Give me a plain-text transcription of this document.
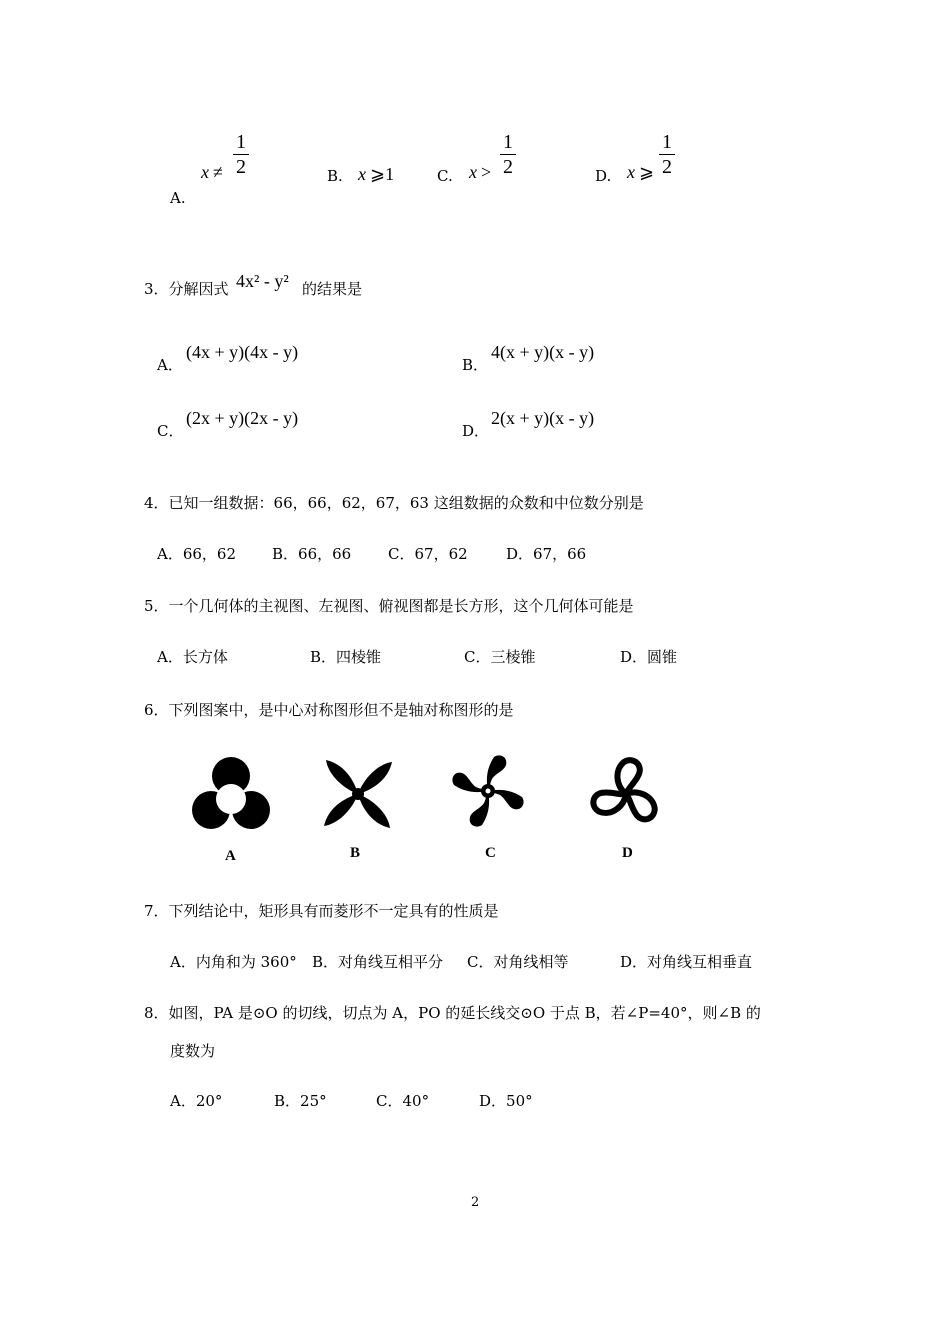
A.
x ≠
1
2	B. x ⩾1	C. x >
1
2	D. x ⩾
1
2
3．分解因式 4x² - y² 的结果是
A．
(4x + y)(4x - y)
B．
4(x + y)(x - y)
C．
(2x + y)(2x - y)
D．
2(x + y)(x - y)
4．已知一组数据：66，66，62，67，63 这组数据的众数和中位数分别是
A．66，62 B．66，66 C．67，62	D．67，66
5．一个几何体的主视图、左视图、俯视图都是长方形，这个几何体可能是
A．长方体	B．四棱锥	C．三棱锥	D．圆锥
6．下列图案中，是中心对称图形但不是轴对称图形的是
A	B	C	D
7．下列结论中，矩形具有而菱形不一定具有的性质是
A．内角和为 360° B．对角线互相平分 C．对角线相等	D．对角线互相垂直
8．如图，PA 是⊙O 的切线，切点为 A，PO 的延长线交⊙O 于点 B，若∠P=40°，则∠B 的
度数为
A．20°	B．25°	C．40°	D．50°
2
